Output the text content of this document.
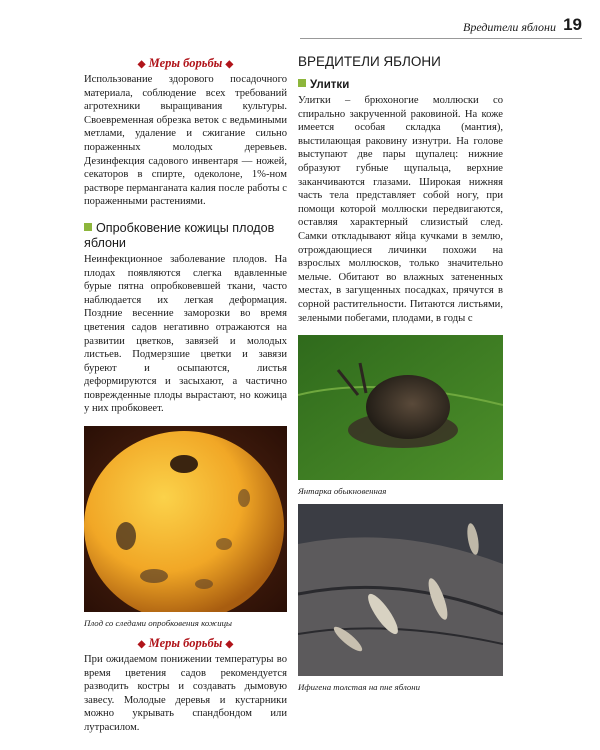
Вредители яблони 19
◆ Меры борьбы ◆

Использование здорового посадочного материала, соблюдение всех требований агротехники выращивания культуры. Своевременная обрезка веток с ведьмиными метлами, удаление и сжигание сильно пораженных молодых деревьев. Дезинфекция садового инвентаря — ножей, секаторов в спирте, одеколоне, 1%-ном растворе перманганата калия после работы с пораженными растениями.

Опробковение кожицы плодов яблони

Неинфекционное заболевание плодов. На плодах появляются слегка вдавленные бурые пятна опробковевшей ткани, часто наблюдается их легкая деформация. Поздние весенние заморозки во время цветения садов негативно отражаются на развитии цветков, завязей и молодых листьев. Подмерзшие цветки и завязи буреют и осыпаются, листья деформируются и засыхают, а частично поврежденные плоды вырастают, но кожица у них пробковеет.

Плод со следами опробковения кожицы
◆ Меры борьбы ◆

При ожидаемом понижении температуры во время цветения садов рекомендуется разводить костры и создавать дымовую завесу. Молодые деревья и кустарники можно укрывать спандбондом или лутрасилом.

ВРЕДИТЕЛИ ЯБЛОНИ
Улитки

Улитки – брюхоногие моллюски со спирально закрученной раковиной. На коже имеется особая складка (мантия), выстилающая раковину изнутри. На голове выступают две пары щупалец: нижние образуют губные щупальца, верхние заканчиваются глазами. Широкая нижняя часть тела представляет собой ногу, при помощи которой моллюски передвигаются, оставляя характерный слизистый след. Самки откладывают яйца кучками в землю, отрождающиеся личинки похожи на взрослых моллюсков, только значительно мельче. Обитают во влажных затененных местах, в загущенных посадках, прячутся в сорной растительности. Питаются листьями, зелеными побегами, плодами, в годы с

Янтарка обыкновенная
Ифигена толстая на пне яблони
